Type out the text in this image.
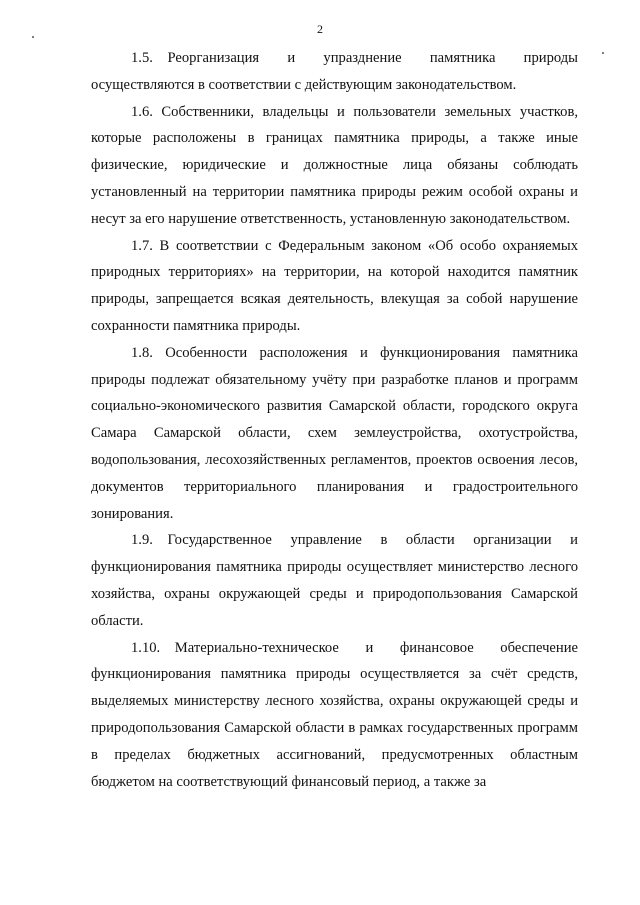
2

1.5. Реорганизация и упразднение памятника природы осуществляются в соответствии с действующим законодательством.

1.6. Собственники, владельцы и пользователи земельных участков, которые расположены в границах памятника природы, а также иные физические, юридические и должностные лица обязаны соблюдать установленный на территории памятника природы режим особой охраны и несут за его нарушение ответственность, установленную законодательством.

1.7. В соответствии с Федеральным законом «Об особо охраняемых природных территориях» на территории, на которой находится памятник природы, запрещается всякая деятельность, влекущая за собой нарушение сохранности памятника природы.

1.8. Особенности расположения и функционирования памятника природы подлежат обязательному учёту при разработке планов и программ социально-экономического развития Самарской области, городского округа Самара Самарской области, схем землеустройства, охотустройства, водопользования, лесохозяйственных регламентов, проектов освоения лесов, документов территориального планирования и градостроительного зонирования.

1.9. Государственное управление в области организации и функционирования памятника природы осуществляет министерство лесного хозяйства, охраны окружающей среды и природопользования Самарской области.

1.10. Материально-техническое и финансовое обеспечение функционирования памятника природы осуществляется за счёт средств, выделяемых министерству лесного хозяйства, охраны окружающей среды и природопользования Самарской области в рамках государственных программ в пределах бюджетных ассигнований, предусмотренных областным бюджетом на соответствующий финансовый период, а также за
